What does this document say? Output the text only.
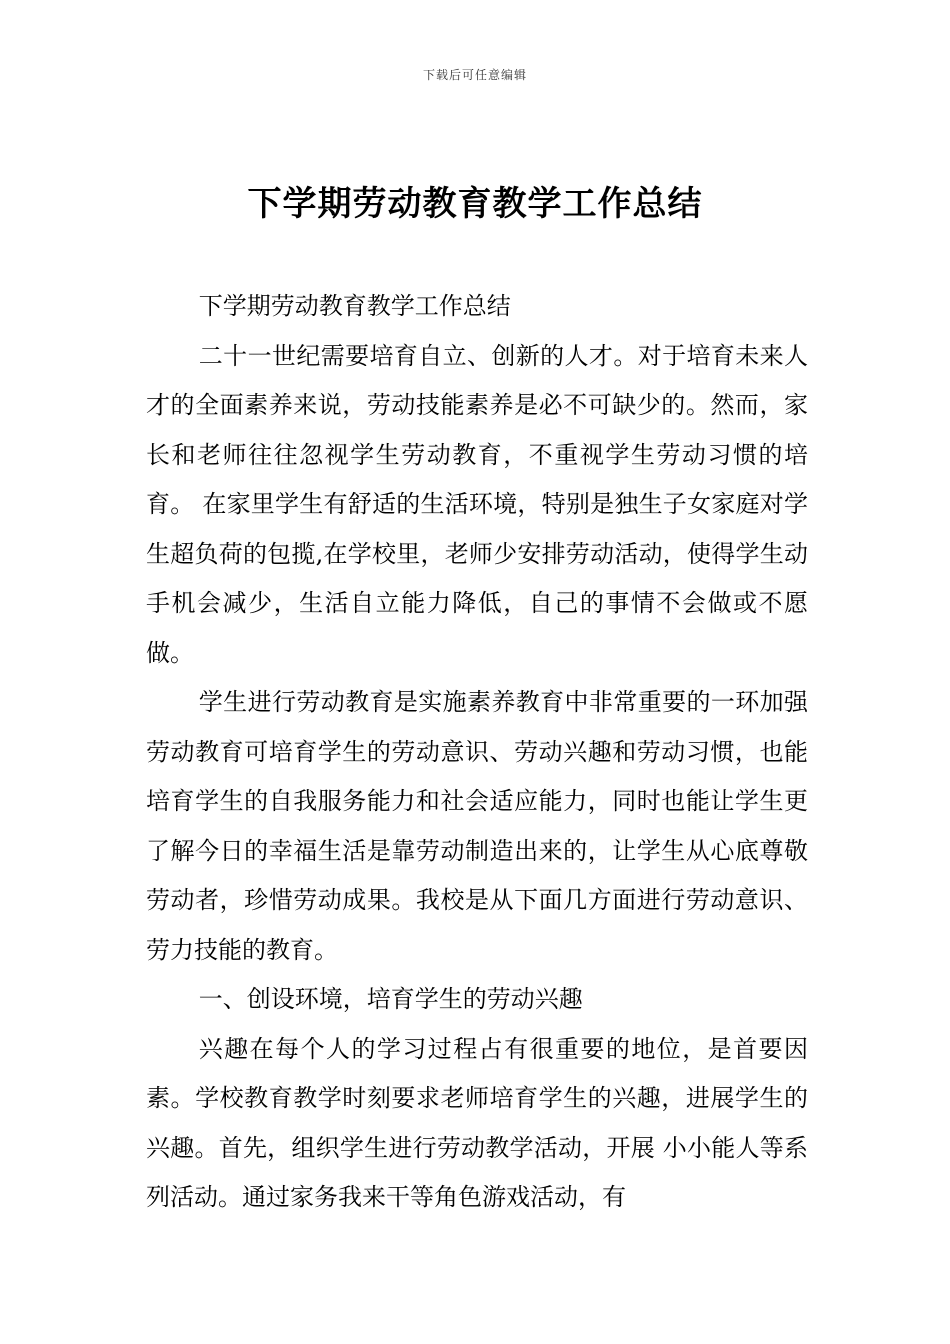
下载后可任意编辑
下学期劳动教育教学工作总结

下学期劳动教育教学工作总结

二十一世纪需要培育自立、创新的人才。对于培育未来人才的全面素养来说，劳动技能素养是必不可缺少的。然而，家长和老师往往忽视学生劳动教育，不重视学生劳动习惯的培育。 在家里学生有舒适的生活环境，特别是独生子女家庭对学生超负荷的包揽,在学校里，老师少安排劳动活动，使得学生动手机会减少，生活自立能力降低，自己的事情不会做或不愿做。

学生进行劳动教育是实施素养教育中非常重要的一环加强劳动教育可培育学生的劳动意识、劳动兴趣和劳动习惯，也能培育学生的自我服务能力和社会适应能力，同时也能让学生更了解今日的幸福生活是靠劳动制造出来的，让学生从心底尊敬劳动者，珍惜劳动成果。我校是从下面几方面进行劳动意识、劳力技能的教育。

一、创设环境，培育学生的劳动兴趣

兴趣在每个人的学习过程占有很重要的地位，是首要因素。学校教育教学时刻要求老师培育学生的兴趣，进展学生的兴趣。首先，组织学生进行劳动教学活动，开展 小小能人等系列活动。通过家务我来干等角色游戏活动，有
